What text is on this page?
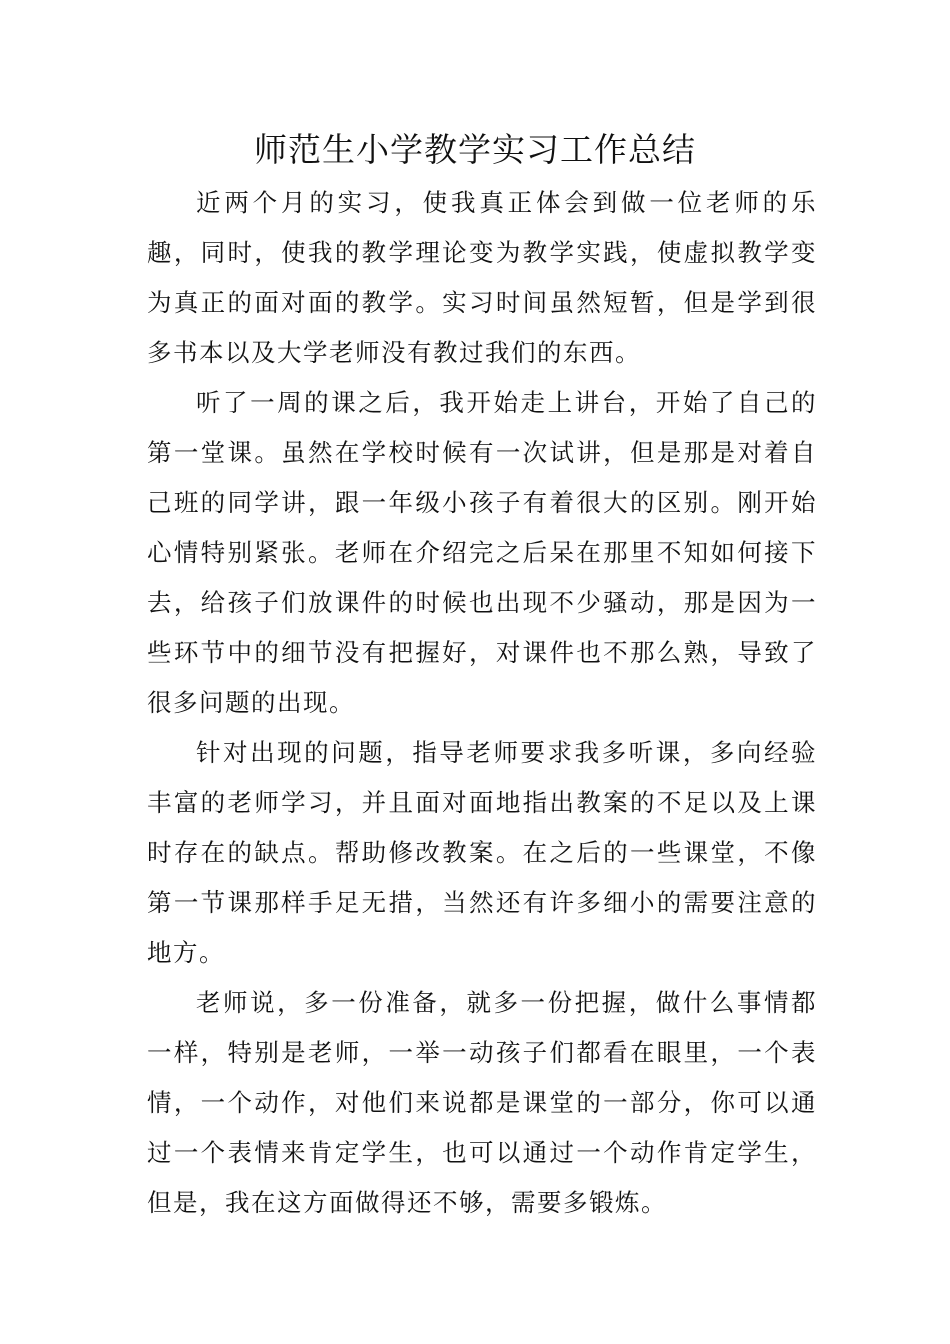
师范生小学教学实习工作总结

近两个月的实习，使我真正体会到做一位老师的乐趣，同时，使我的教学理论变为教学实践，使虚拟教学变为真正的面对面的教学。实习时间虽然短暂，但是学到很多书本以及大学老师没有教过我们的东西。

听了一周的课之后，我开始走上讲台，开始了自己的第一堂课。虽然在学校时候有一次试讲，但是那是对着自己班的同学讲，跟一年级小孩子有着很大的区别。刚开始心情特别紧张。老师在介绍完之后呆在那里不知如何接下去，给孩子们放课件的时候也出现不少骚动，那是因为一些环节中的细节没有把握好，对课件也不那么熟，导致了很多问题的出现。

针对出现的问题，指导老师要求我多听课，多向经验丰富的老师学习，并且面对面地指出教案的不足以及上课时存在的缺点。帮助修改教案。在之后的一些课堂，不像第一节课那样手足无措，当然还有许多细小的需要注意的地方。

老师说，多一份准备，就多一份把握，做什么事情都一样，特别是老师，一举一动孩子们都看在眼里，一个表情，一个动作，对他们来说都是课堂的一部分，你可以通过一个表情来肯定学生，也可以通过一个动作肯定学生，但是，我在这方面做得还不够，需要多锻炼。
